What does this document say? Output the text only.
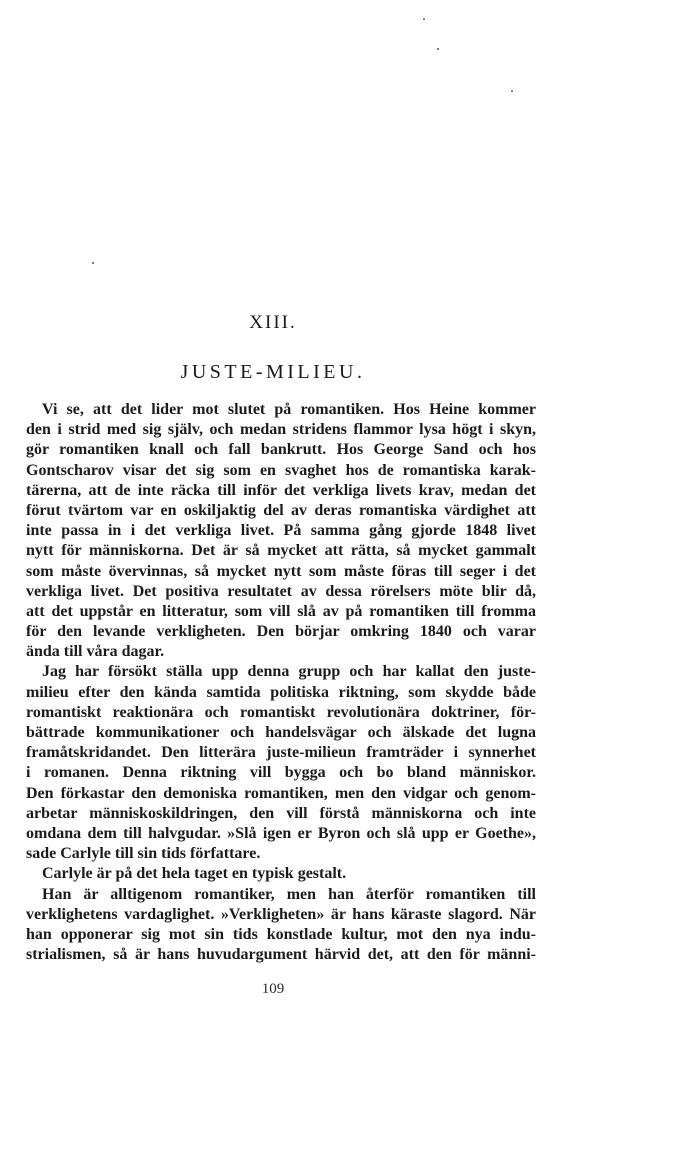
XIII.
JUSTE-MILIEU.
Vi se, att det lider mot slutet på romantiken. Hos Heine kommer
den i strid med sig själv, och medan stridens flammor lysa högt i skyn,
gör romantiken knall och fall bankrutt. Hos George Sand och hos
Gontscharov visar det sig som en svaghet hos de romantiska karak-
tärerna, att de inte räcka till inför det verkliga livets krav, medan det
förut tvärtom var en oskiljaktig del av deras romantiska värdighet att
inte passa in i det verkliga livet. På samma gång gjorde 1848 livet
nytt för människorna. Det är så mycket att rätta, så mycket gammalt
som måste övervinnas, så mycket nytt som måste föras till seger i det
verkliga livet. Det positiva resultatet av dessa rörelsers möte blir då,
att det uppstår en litteratur, som vill slå av på romantiken till fromma
för den levande verkligheten. Den börjar omkring 1840 och varar
ända till våra dagar.
Jag har försökt ställa upp denna grupp och har kallat den juste-
milieu efter den kända samtida politiska riktning, som skydde både
romantiskt reaktionära och romantiskt revolutionära doktriner, för-
bättrade kommunikationer och handelsvägar och älskade det lugna
framåtskridandet. Den litterära juste-milieun framträder i synnerhet
i romanen. Denna riktning vill bygga och bo bland människor.
Den förkastar den demoniska romantiken, men den vidgar och genom-
arbetar människoskildringen, den vill förstå människorna och inte
omdana dem till halvgudar. »Slå igen er Byron och slå upp er Goethe»,
sade Carlyle till sin tids författare.
Carlyle är på det hela taget en typisk gestalt.
Han är alltigenom romantiker, men han återför romantiken till
verklighetens vardaglighet. »Verkligheten» är hans käraste slagord. När
han opponerar sig mot sin tids konstlade kultur, mot den nya indu-
strialismen, så är hans huvudargument härvid det, att den för männi-
109
